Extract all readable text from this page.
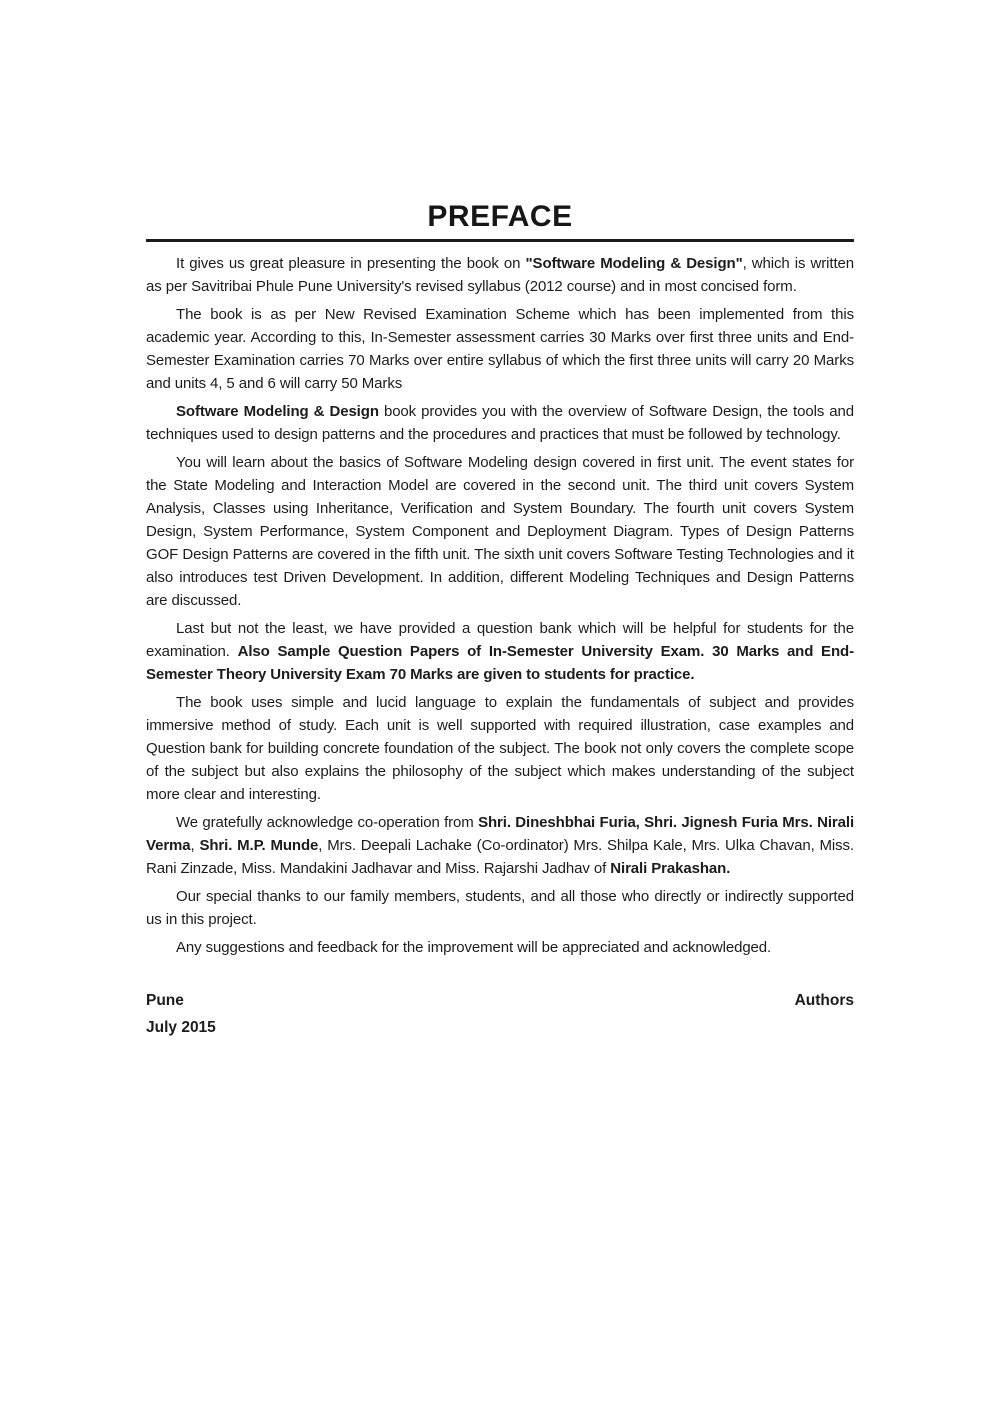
PREFACE

It gives us great pleasure in presenting the book on "Software Modeling & Design", which is written as per Savitribai Phule Pune University's revised syllabus (2012 course) and in most concised form.

The book is as per New Revised Examination Scheme which has been implemented from this academic year. According to this, In-Semester assessment carries 30 Marks over first three units and End-Semester Examination carries 70 Marks over entire syllabus of which the first three units will carry 20 Marks and units 4, 5 and 6 will carry 50 Marks

Software Modeling & Design book provides you with the overview of Software Design, the tools and techniques used to design patterns and the procedures and practices that must be followed by technology.

You will learn about the basics of Software Modeling design covered in first unit. The event states for the State Modeling and Interaction Model are covered in the second unit. The third unit covers System Analysis, Classes using Inheritance, Verification and System Boundary. The fourth unit covers System Design, System Performance, System Component and Deployment Diagram. Types of Design Patterns GOF Design Patterns are covered in the fifth unit. The sixth unit covers Software Testing Technologies and it also introduces test Driven Development. In addition, different Modeling Techniques and Design Patterns are discussed.

Last but not the least, we have provided a question bank which will be helpful for students for the examination. Also Sample Question Papers of In-Semester University Exam. 30 Marks and End-Semester Theory University Exam 70 Marks are given to students for practice.

The book uses simple and lucid language to explain the fundamentals of subject and provides immersive method of study. Each unit is well supported with required illustration, case examples and Question bank for building concrete foundation of the subject. The book not only covers the complete scope of the subject but also explains the philosophy of the subject which makes understanding of the subject more clear and interesting.

We gratefully acknowledge co-operation from Shri. Dineshbhai Furia, Shri. Jignesh Furia Mrs. Nirali Verma, Shri. M.P. Munde, Mrs. Deepali Lachake (Co-ordinator) Mrs. Shilpa Kale, Mrs. Ulka Chavan, Miss. Rani Zinzade, Miss. Mandakini Jadhavar and Miss. Rajarshi Jadhav of Nirali Prakashan.

Our special thanks to our family members, students, and all those who directly or indirectly supported us in this project.

Any suggestions and feedback for the improvement will be appreciated and acknowledged.

Pune	Authors
July 2015
